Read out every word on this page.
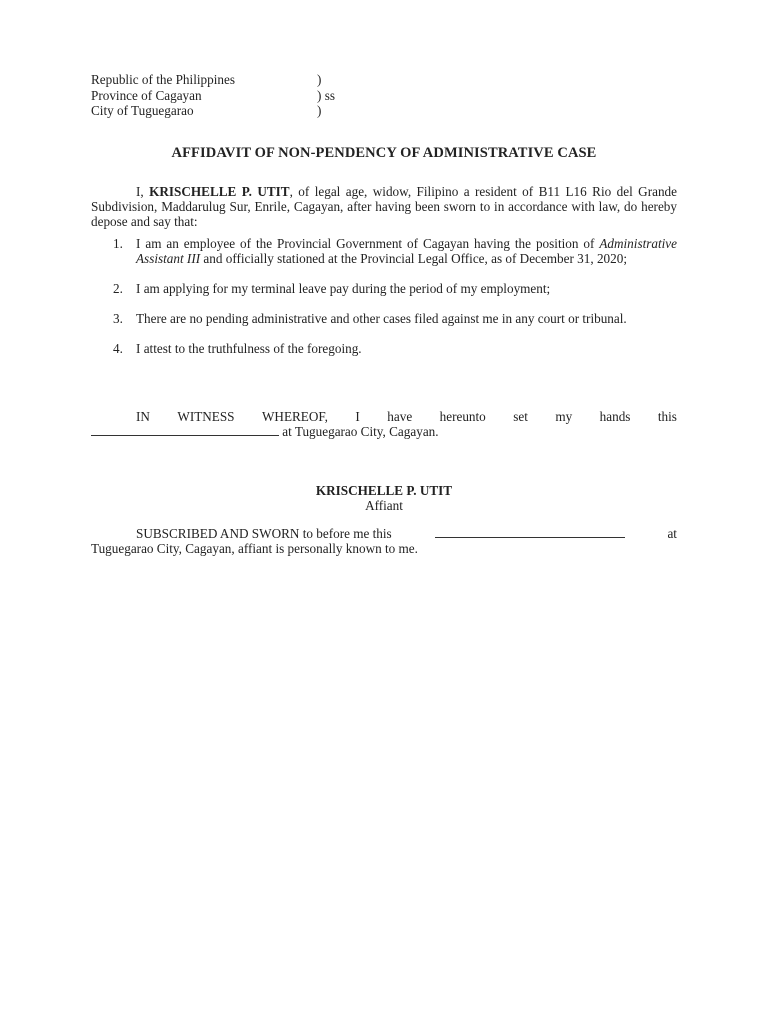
Republic of the Philippines	)
Province of Cagayan	) ss
City of Tuguegarao	)
AFFIDAVIT OF NON-PENDENCY OF ADMINISTRATIVE CASE
I, KRISCHELLE P. UTIT, of legal age, widow, Filipino a resident of B11 L16 Rio del Grande Subdivision, Maddarulug Sur, Enrile, Cagayan, after having been sworn to in accordance with law, do hereby depose and say that:
1. I am an employee of the Provincial Government of Cagayan having the position of Administrative Assistant III and officially stationed at the Provincial Legal Office, as of December 31, 2020;
2. I am applying for my terminal leave pay during the period of my employment;
3. There are no pending administrative and other cases filed against me in any court or tribunal.
4. I attest to the truthfulness of the foregoing.
IN WITNESS WHEREOF, I have hereunto set my hands this
at Tuguegarao City, Cagayan.
KRISCHELLE P. UTIT
Affiant
SUBSCRIBED AND SWORN to before me this	at
Tuguegarao City, Cagayan, affiant is personally known to me.
